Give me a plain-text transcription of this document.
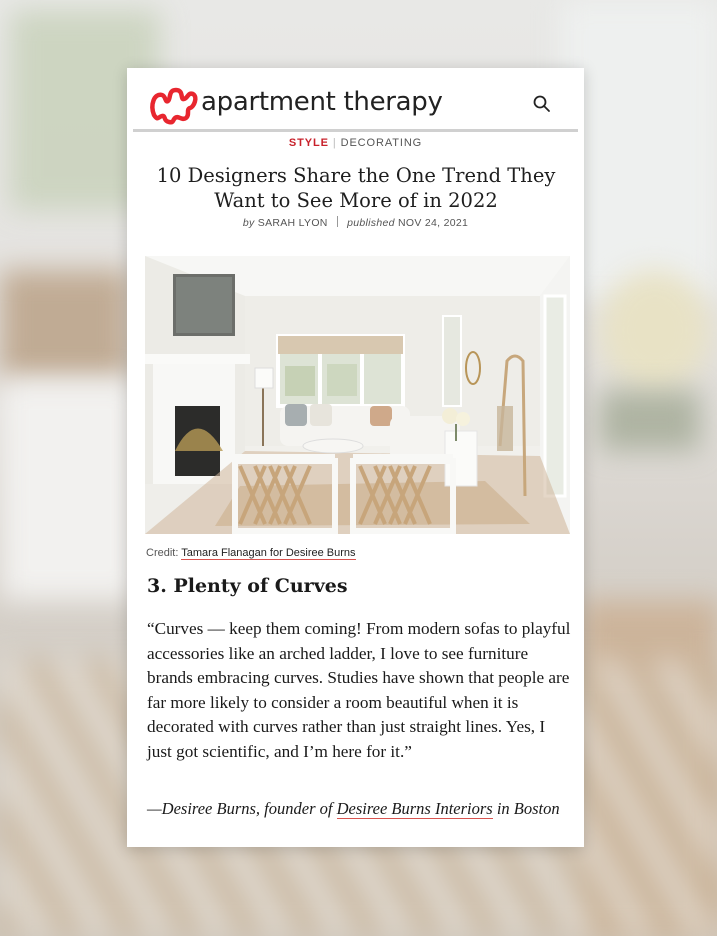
apartment therapy
STYLE | DECORATING
10 Designers Share the One Trend They Want to See More of in 2022
by SARAH LYON published NOV 24, 2021
Credit: Tamara Flanagan for Desiree Burns
3. Plenty of Curves
“Curves — keep them coming! From modern sofas to playful accessories like an arched ladder, I love to see furniture brands embracing curves. Studies have shown that people are far more likely to consider a room beautiful when it is decorated with curves rather than just straight lines. Yes, I just got scientific, and I’m here for it.”
—Desiree Burns, founder of Desiree Burns Interiors in Boston
